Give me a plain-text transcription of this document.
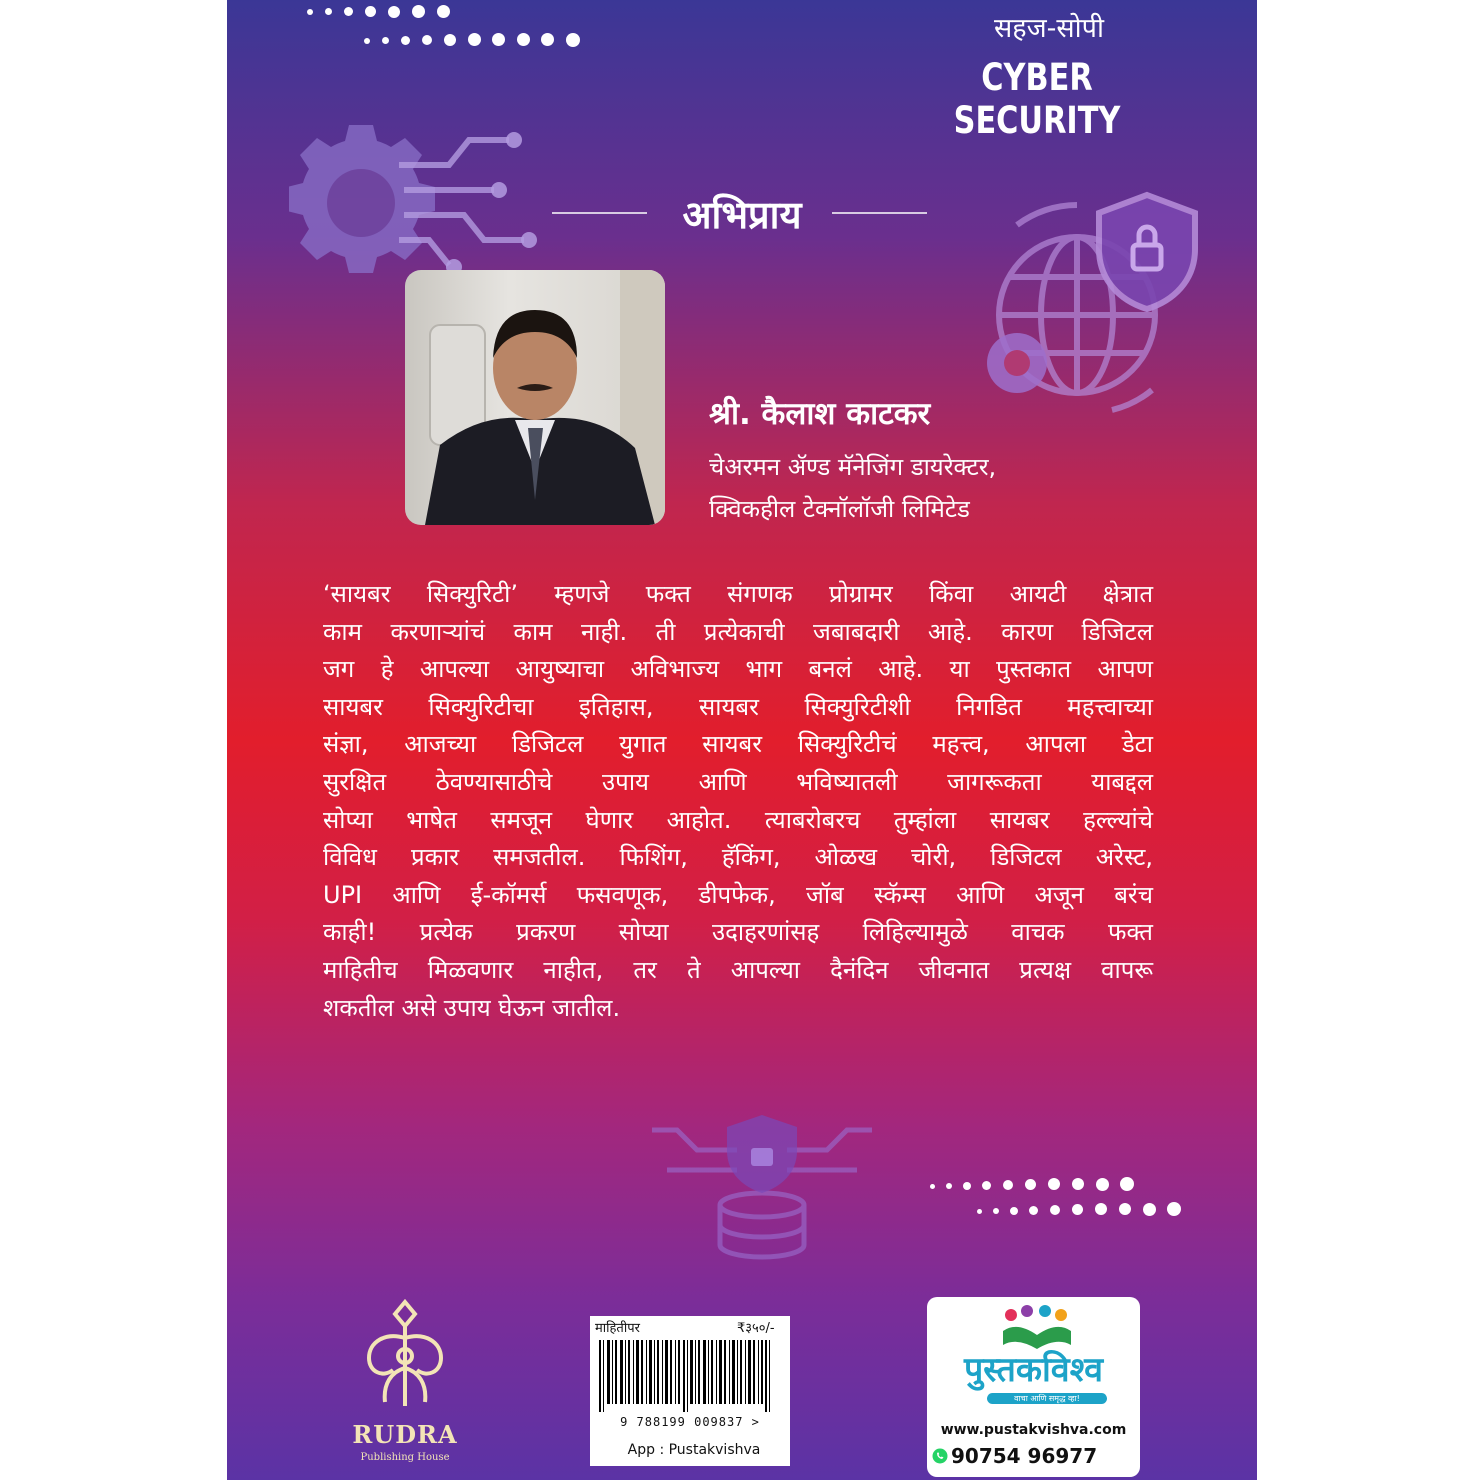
सहज-सोपी
CYBER SECURITY
अभिप्राय
श्री. कैलाश काटकर
चेअरमन ॲण्ड मॅनेजिंग डायरेक्टर,
क्विकहील टेक्नॉलॉजी लिमिटेड
‘सायबर सिक्युरिटी’ म्हणजे फक्त संगणक प्रोग्रामर किंवा आयटी क्षेत्रात
काम करणाऱ्यांचं काम नाही. ती प्रत्येकाची जबाबदारी आहे. कारण डिजिटल
जग हे आपल्या आयुष्याचा अविभाज्य भाग बनलं आहे. या पुस्तकात आपण
सायबर सिक्युरिटीचा इतिहास, सायबर सिक्युरिटीशी निगडित महत्त्वाच्या
संज्ञा, आजच्या डिजिटल युगात सायबर सिक्युरिटीचं महत्त्व, आपला डेटा
सुरक्षित ठेवण्यासाठीचे उपाय आणि भविष्यातली जागरूकता याबद्दल
सोप्या भाषेत समजून घेणार आहोत. त्याबरोबरच तुम्हांला सायबर हल्ल्यांचे
विविध प्रकार समजतील. फिशिंग, हॅकिंग, ओळख चोरी, डिजिटल अरेस्ट,
UPI आणि ई-कॉमर्स फसवणूक, डीपफेक, जॉब स्कॅम्स आणि अजून बरंच
काही! प्रत्येक प्रकरण सोप्या उदाहरणांसह लिहिल्यामुळे वाचक फक्त
माहितीच मिळवणार नाहीत, तर ते आपल्या दैनंदिन जीवनात प्रत्यक्ष वापरू
शकतील असे उपाय घेऊन जातील.
RUDRA
Publishing House
माहितीपर	₹३५०/-
9 788199 009837 >
App : Pustakvishva
पुस्तकविश्व
वाचा आणि समृद्ध व्हा!
www.pustakvishva.com
90754 96977
